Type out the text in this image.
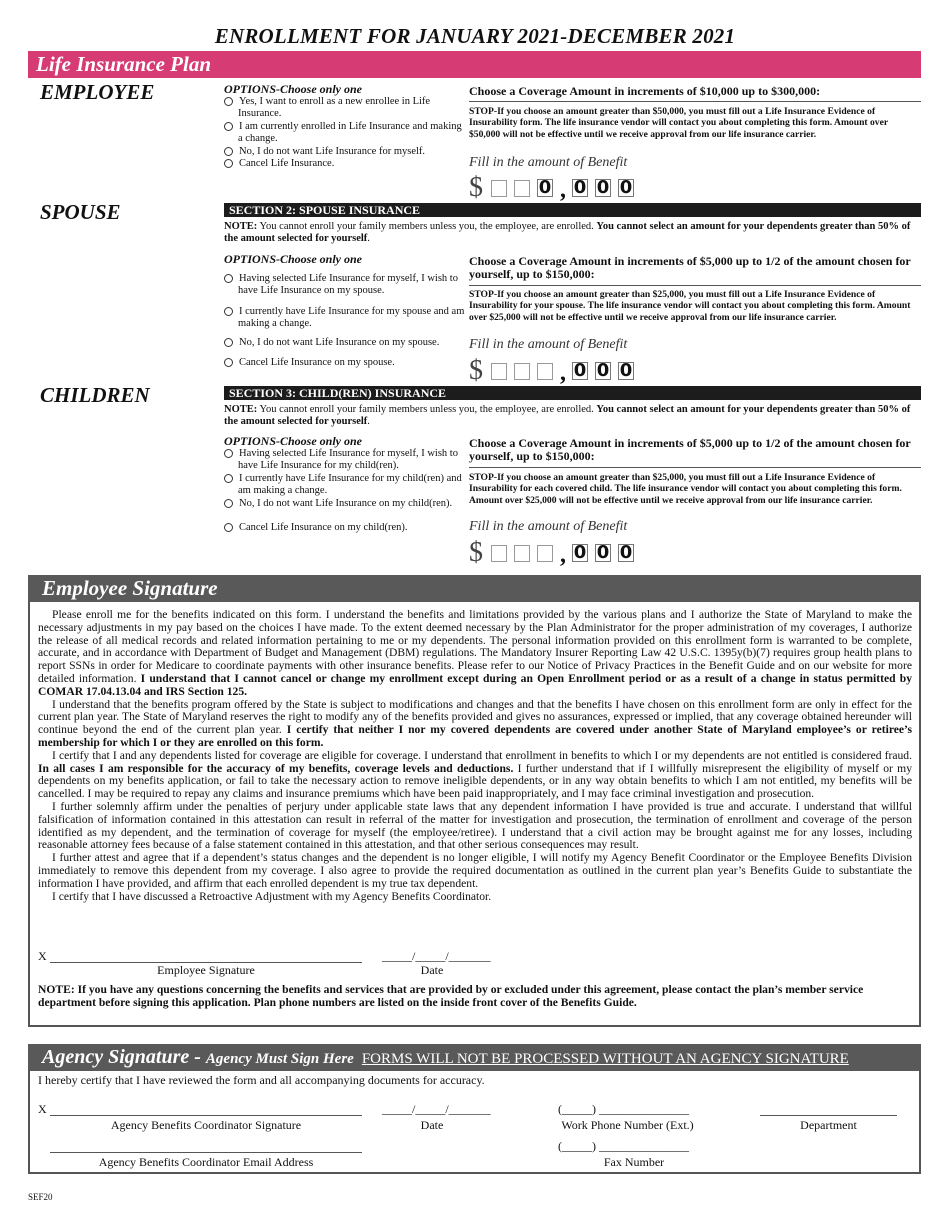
ENROLLMENT FOR JANUARY 2021-DECEMBER 2021
Life Insurance Plan
EMPLOYEE	OPTIONS-Choose only one
Yes, I want to enroll as a new enrollee in Life Insurance.
I am currently enrolled in Life Insurance and making a change.
No, I do not want Life Insurance for myself.
Cancel Life Insurance.
Choose a Coverage Amount in increments of $10,000 up to $300,000:
STOP-If you choose an amount greater than $50,000, you must fill out a Life Insurance Evidence of Insurability form. The life insurance vendor will contact you about completing this form. Amount over $50,000 will not be effective until we receive approval from our life insurance carrier.
Fill in the amount of Benefit
$	0 , 0 0 0
SPOUSE	SECTION 2: SPOUSE INSURANCE
NOTE: You cannot enroll your family members unless you, the employee, are enrolled. You cannot select an amount for your dependents greater than 50% of the amount selected for yourself.
OPTIONS-Choose only one
Having selected Life Insurance for myself, I wish to have Life Insurance on my spouse.
I currently have Life Insurance for my spouse and am making a change.
No, I do not want Life Insurance on my spouse.
Cancel Life Insurance on my spouse.
Choose a Coverage Amount in increments of $5,000 up to 1/2 of the amount chosen for yourself, up to $150,000:
STOP-If you choose an amount greater than $25,000, you must fill out a Life Insurance Evidence of Insurability for your spouse. The life insurance vendor will contact you about completing this form. Amount over $25,000 will not be effective until we receive approval from our life insurance carrier.
Fill in the amount of Benefit
$	, 0 0 0
CHILDREN	SECTION 3: CHILD(REN) INSURANCE
NOTE: You cannot enroll your family members unless you, the employee, are enrolled. You cannot select an amount for your dependents greater than 50% of the amount selected for yourself.
OPTIONS-Choose only one
Having selected Life Insurance for myself, I wish to have Life Insurance for my child(ren).
I currently have Life Insurance for my child(ren) and am making a change.
No, I do not want Life Insurance on my child(ren).
Cancel Life Insurance on my child(ren).
Choose a Coverage Amount in increments of $5,000 up to 1/2 of the amount chosen for yourself, up to $150,000:
STOP-If you choose an amount greater than $25,000, you must fill out a Life Insurance Evidence of Insurability for each covered child. The life insurance vendor will contact you about completing this form. Amount over $25,000 will not be effective until we receive approval from our life insurance carrier.
Fill in the amount of Benefit
$	, 0 0 0
Employee Signature

Please enroll me for the benefits indicated on this form. I understand the benefits and limitations provided by the various plans and I authorize the State of Maryland to make the necessary adjustments in my pay based on the choices I have made. To the extent deemed necessary by the Plan Administrator for the proper administration of my coverages, I authorize the release of all medical records and related information pertaining to me or my dependents. The personal information provided on this enrollment form is warranted to be complete, accurate, and in accordance with Department of Budget and Management (DBM) regulations. The Mandatory Insurer Reporting Law 42 U.S.C. 1395y(b)(7) requires group health plans to report SSNs in order for Medicare to coordinate payments with other insurance benefits. Please refer to our Notice of Privacy Practices in the Benefit Guide and on our website for more detailed information. I understand that I cannot cancel or change my enrollment except during an Open Enrollment period or as a result of a change in status permitted by COMAR 17.04.13.04 and IRS Section 125.

I understand that the benefits program offered by the State is subject to modifications and changes and that the benefits I have chosen on this enrollment form are only in effect for the current plan year. The State of Maryland reserves the right to modify any of the benefits provided and gives no assurances, expressed or implied, that any coverage obtained hereunder will continue beyond the end of the current plan year. I certify that neither I nor my covered dependents are covered under another State of Maryland employee’s or retiree’s membership for which I or they are enrolled on this form.

I certify that I and any dependents listed for coverage are eligible for coverage. I understand that enrollment in benefits to which I or my dependents are not entitled is considered fraud. In all cases I am responsible for the accuracy of my benefits, coverage levels and deductions. I further understand that if I willfully misrepresent the eligibility of myself or my dependents on my benefits application, or fail to take the necessary action to remove ineligible dependents, or in any way obtain benefits to which I am not entitled, my benefits will be cancelled. I may be required to repay any claims and insurance premiums which have been paid inappropriately, and I may face criminal investigation and prosecution.

I further solemnly affirm under the penalties of perjury under applicable state laws that any dependent information I have provided is true and accurate. I understand that willful falsification of information contained in this attestation can result in referral of the matter for investigation and prosecution, the termination of enrollment and coverage of the person identified as my dependent, and the termination of coverage for myself (the employee/retiree). I understand that a civil action may be brought against me for any losses, including reasonable attorney fees because of a false statement contained in this attestation, and that other serious consequences may result.

I further attest and agree that if a dependent’s status changes and the dependent is no longer eligible, I will notify my Agency Benefit Coordinator or the Employee Benefits Division immediately to remove this dependent from my coverage. I also agree to provide the required documentation as outlined in the current plan year’s Benefits Guide to substantiate the information I have provided, and affirm that each enrolled dependent is my true tax dependent.

I certify that I have discussed a Retroactive Adjustment with my Agency Benefits Coordinator.

X
Employee Signature
_____/_____/_______
Date
NOTE: If you have any questions concerning the benefits and services that are provided by or excluded under this agreement, please contact the plan’s member service department before signing this application. Plan phone numbers are listed on the inside front cover of the Benefits Guide.
Agency Signature - Agency Must Sign Here FORMS WILL NOT BE PROCESSED WITHOUT AN AGENCY SIGNATURE
I hereby certify that I have reviewed the form and all accompanying documents for accuracy.
X
Agency Benefits Coordinator Signature
_____/_____/_______
Date
(_____) _______________
Work Phone Number (Ext.)	Department
Agency Benefits Coordinator Email Address
(_____) _______________
Fax Number
SEF20
